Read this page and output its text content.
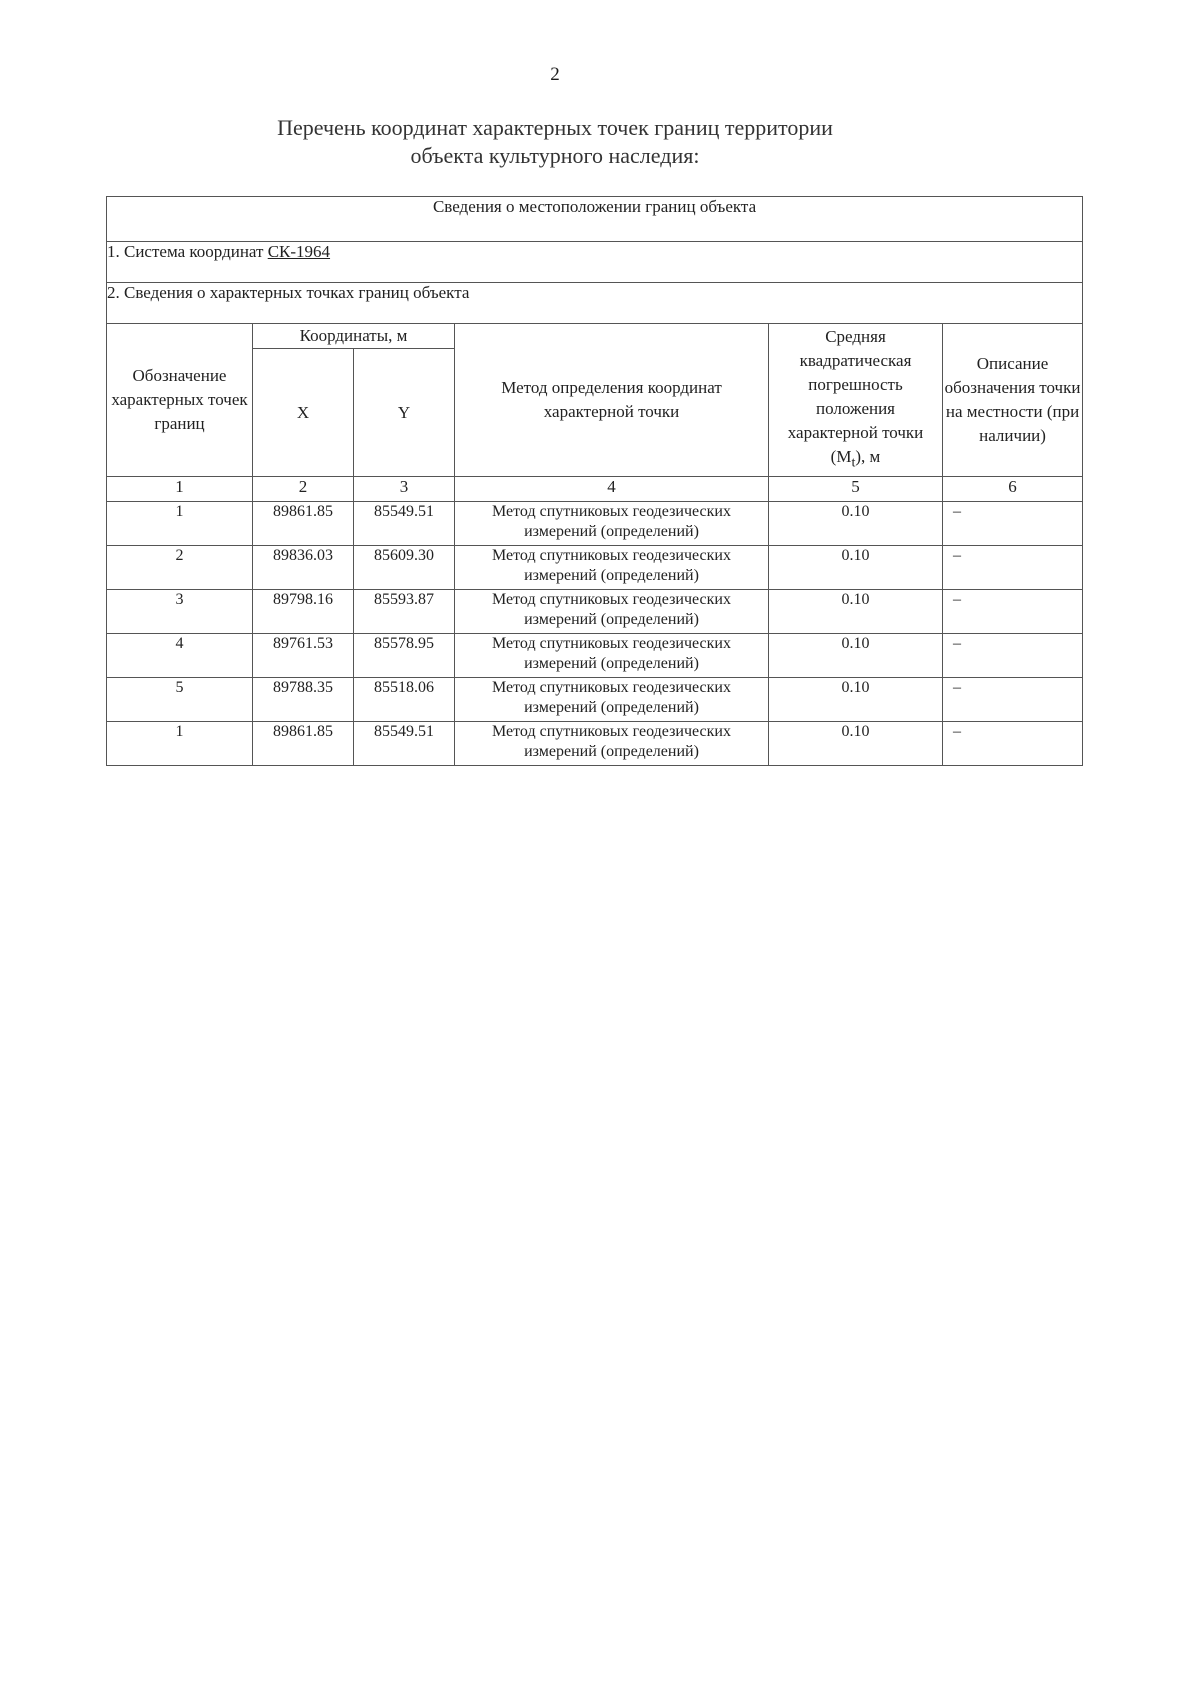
2
Перечень координат характерных точек границ территории
объекта культурного наследия:
Сведения о местоположении границ объекта					
1. Система координат СК-1964					
2. Сведения о характерных точках границ объекта					
Обозначение характерных точек границ	Координаты, м		Метод определения координат характерной точки	Средняя квадратическая погрешность положения характерной точки $(M_t)$, м	Описание обозначения точки на местности (при наличии)
	X	Y			
1	2	3	4	5	6
1	89861.85	85549.51	Метод спутниковых геодезических измерений (определений)	0.10	–
2	89836.03	85609.30	Метод спутниковых геодезических измерений (определений)	0.10	–
3	89798.16	85593.87	Метод спутниковых геодезических измерений (определений)	0.10	–
4	89761.53	85578.95	Метод спутниковых геодезических измерений (определений)	0.10	–
5	89788.35	85518.06	Метод спутниковых геодезических измерений (определений)	0.10	–
1	89861.85	85549.51	Метод спутниковых геодезических измерений (определений)	0.10	–
